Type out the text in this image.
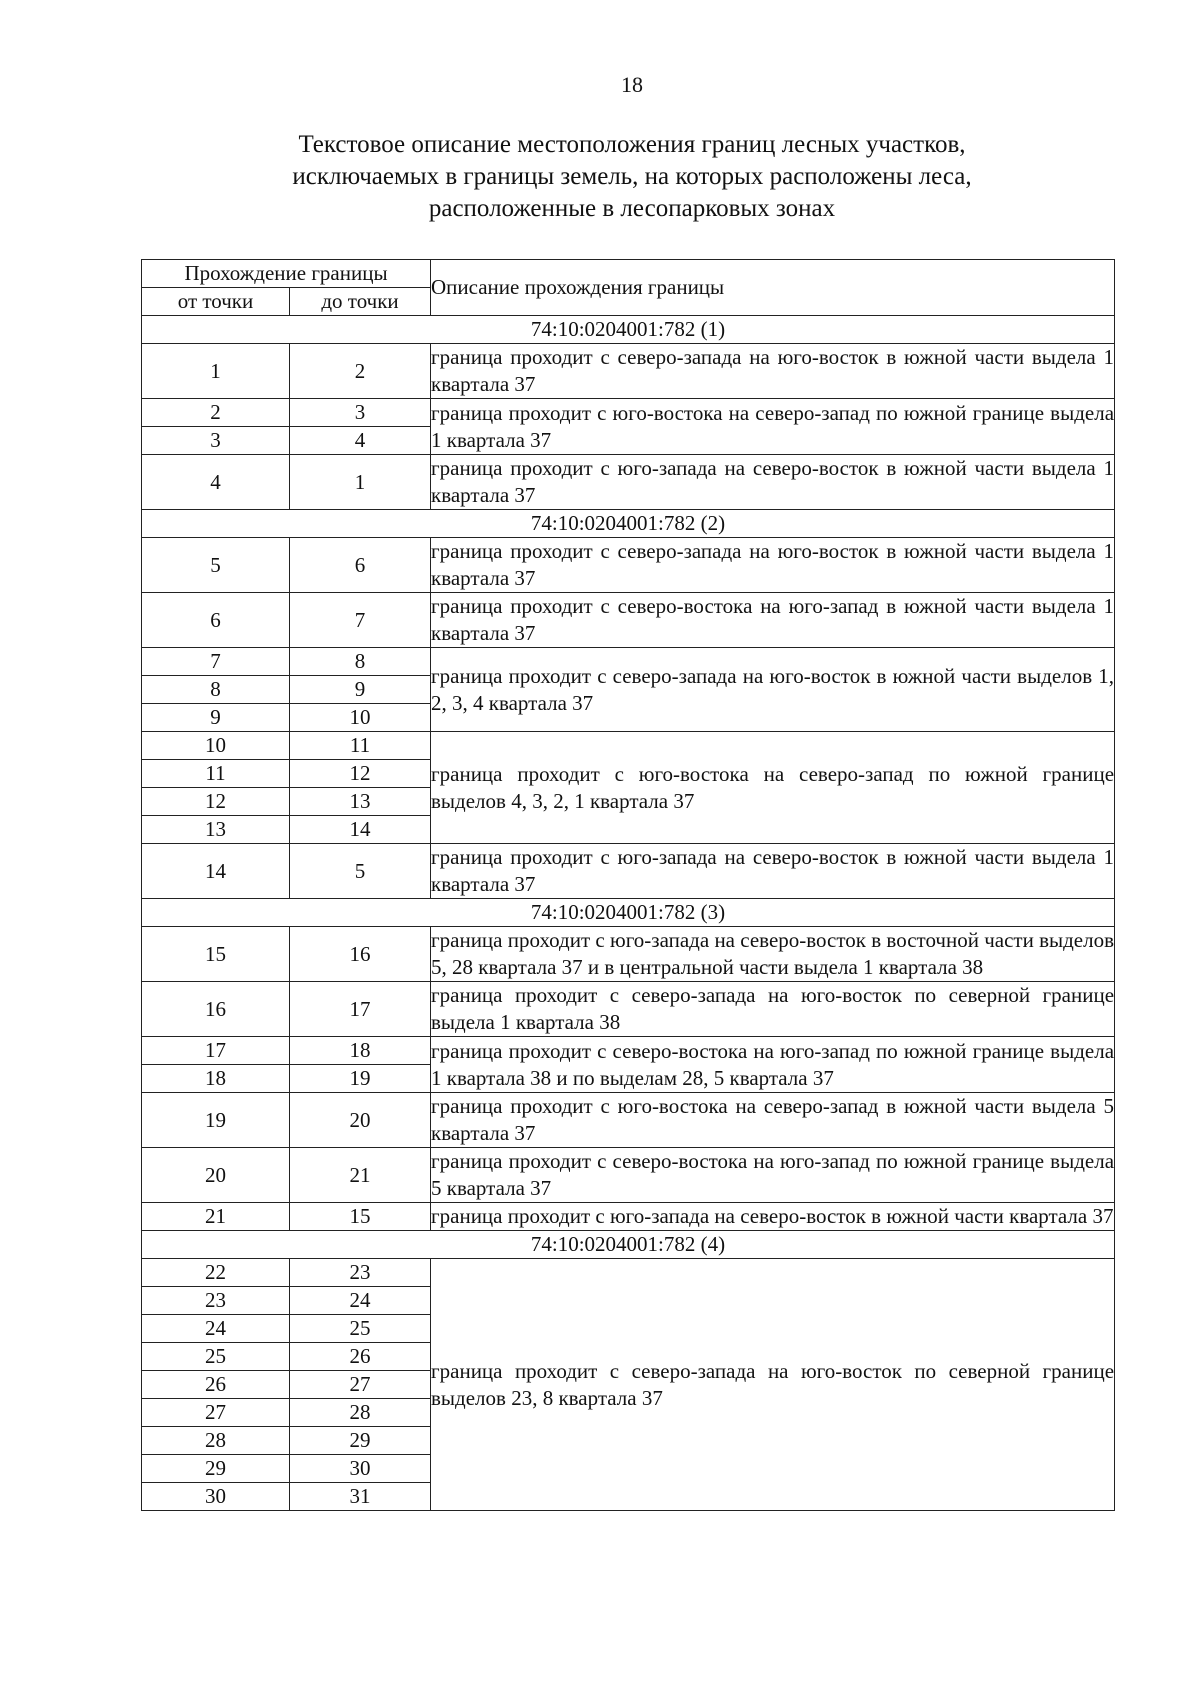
18
Текстовое описание местоположения границ лесных участков,
исключаемых в границы земель, на которых расположены леса,
расположенные в лесопарковых зонах
Прохождение границы		Описание прохождения границы
от точки	до точки	
74:10:0204001:782 (1)		
1	2	граница проходит с северо-запада на юго-восток в южной части выдела 1 квартала 37
2	3	граница проходит с юго-востока на северо-запад по южной границе выдела 1 квартала 37
3	4	
4	1	граница проходит с юго-запада на северо-восток в южной части выдела 1 квартала 37
74:10:0204001:782 (2)		
5	6	граница проходит с северо-запада на юго-восток в южной части выдела 1 квартала 37
6	7	граница проходит с северо-востока на юго-запад в южной части выдела 1 квартала 37
7	8	граница проходит с северо-запада на юго-восток в южной части выделов 1, 2, 3, 4 квартала 37
8	9	
9	10	
10	11	граница проходит с юго-востока на северо-запад по южной границе выделов 4, 3, 2, 1 квартала 37
11	12	
12	13	
13	14	
14	5	граница проходит с юго-запада на северо-восток в южной части выдела 1 квартала 37
74:10:0204001:782 (3)		
15	16	граница проходит с юго-запада на северо-восток в восточной части выделов 5, 28 квартала 37 и в центральной части выдела 1 квартала 38
16	17	граница проходит с северо-запада на юго-восток по северной границе выдела 1 квартала 38
17	18	граница проходит с северо-востока на юго-запад по южной границе выдела 1 квартала 38 и по выделам 28, 5 квартала 37
18	19	
19	20	граница проходит с юго-востока на северо-запад в южной части выдела 5 квартала 37
20	21	граница проходит с северо-востока на юго-запад по южной границе выдела 5 квартала 37
21	15	граница проходит с юго-запада на северо-восток в южной части квартала 37
74:10:0204001:782 (4)		
22	23	граница проходит с северо-запада на юго-восток по северной границе выделов 23, 8 квартала 37
23	24	
24	25	
25	26	
26	27	
27	28	
28	29	
29	30	
30	31	
